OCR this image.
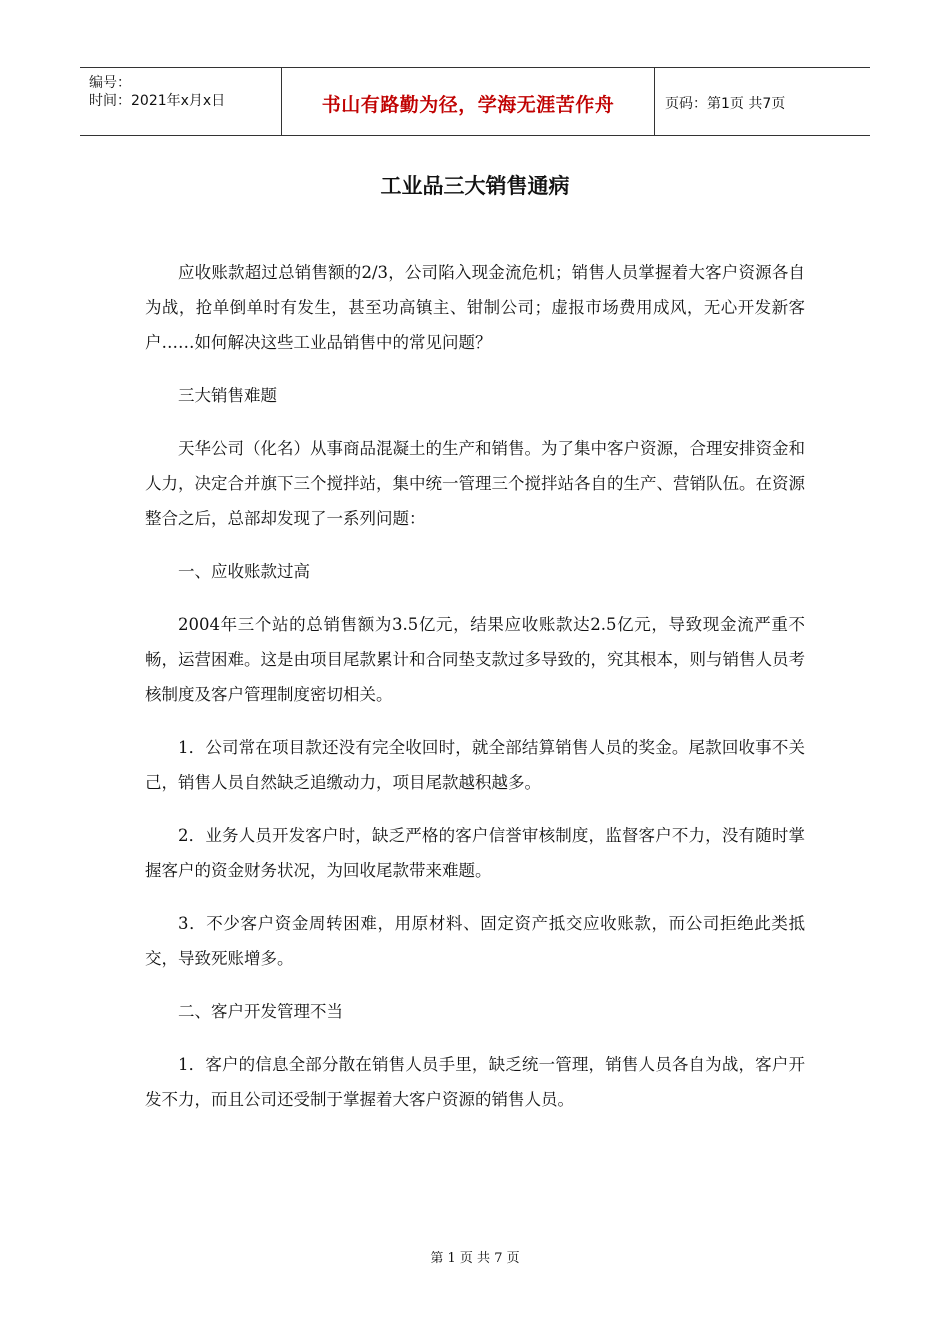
编号：
时间：2021年x月x日	书山有路勤为径，学海无涯苦作舟	页码：第1页 共7页
工业品三大销售通病

应收账款超过总销售额的2/3，公司陷入现金流危机；销售人员掌握着大客户资源各自为战，抢单倒单时有发生，甚至功高镇主、钳制公司；虚报市场费用成风，无心开发新客户……如何解决这些工业品销售中的常见问题？

三大销售难题

天华公司（化名）从事商品混凝土的生产和销售。为了集中客户资源，合理安排资金和人力，决定合并旗下三个搅拌站，集中统一管理三个搅拌站各自的生产、营销队伍。在资源整合之后，总部却发现了一系列问题：

一、应收账款过高

2004年三个站的总销售额为3.5亿元，结果应收账款达2.5亿元，导致现金流严重不畅，运营困难。这是由项目尾款累计和合同垫支款过多导致的，究其根本，则与销售人员考核制度及客户管理制度密切相关。

1．公司常在项目款还没有完全收回时，就全部结算销售人员的奖金。尾款回收事不关己，销售人员自然缺乏追缴动力，项目尾款越积越多。

2．业务人员开发客户时，缺乏严格的客户信誉审核制度，监督客户不力，没有随时掌握客户的资金财务状况，为回收尾款带来难题。

3．不少客户资金周转困难，用原材料、固定资产抵交应收账款，而公司拒绝此类抵交，导致死账增多。

二、客户开发管理不当

1．客户的信息全部分散在销售人员手里，缺乏统一管理，销售人员各自为战，客户开发不力，而且公司还受制于掌握着大客户资源的销售人员。

第 1 页 共 7 页
